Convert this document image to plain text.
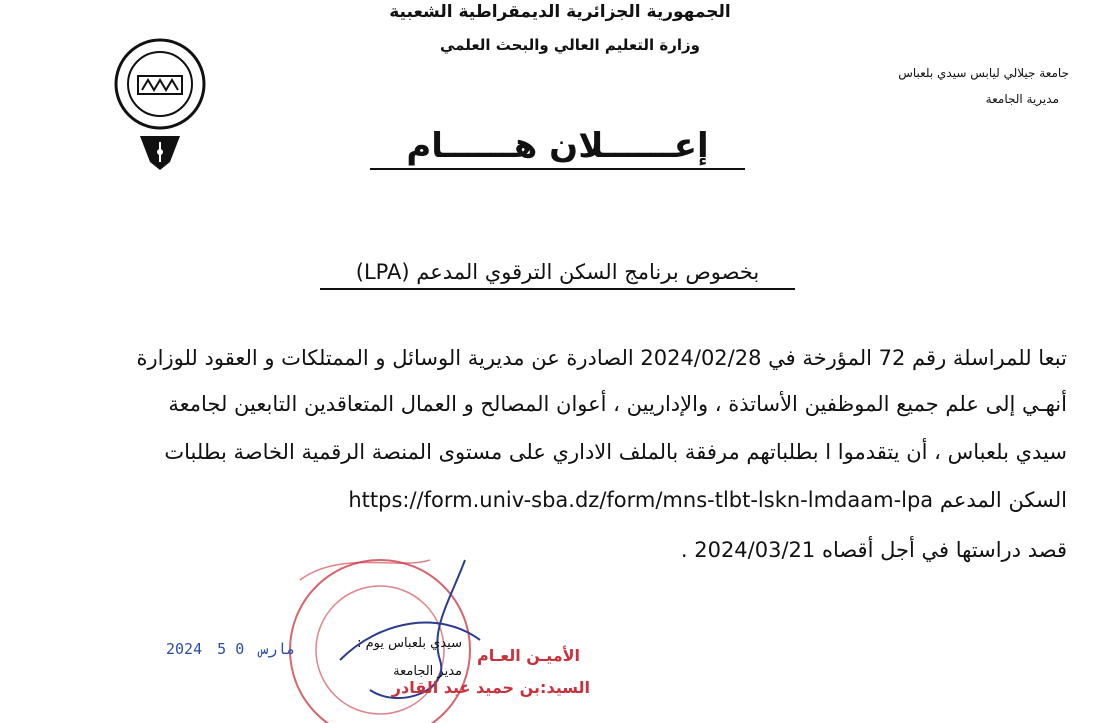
الجمهورية الجزائرية الديمقراطية الشعبية
وزارة التعليم العالي والبحث العلمي
جامعة جيلالي ليابس سيدي بلعباس
مديرية الجامعة
إعــــــلان هــــــام
بخصوص برنامج السكن الترقوي المدعم (LPA)
تبعا للمراسلة رقم 72 المؤرخة في 2024/02/28 الصادرة عن مديرية الوسائل و الممتلكات و العقود للوزارة
أنهـي إلى علم جميع الموظفين الأساتذة ، والإداريين ، أعوان المصالح و العمال المتعاقدين التابعين لجامعة
سيدي بلعباس ، أن يتقدموا ا بطلباتهم مرفقة بالملف الاداري على مستوى المنصة الرقمية الخاصة بطلبات
السكن المدعم https://form.univ-sba.dz/form/mns-tlbt-lskn-lmdaam-lpa
قصد دراستها في أجل أقصاه 2024/03/21 .
2024	مارس 0 5	سيدي بلعباس يوم :
مدير الجامعة
الأميـن العـام
السيد:بن حميد عبد القادر
